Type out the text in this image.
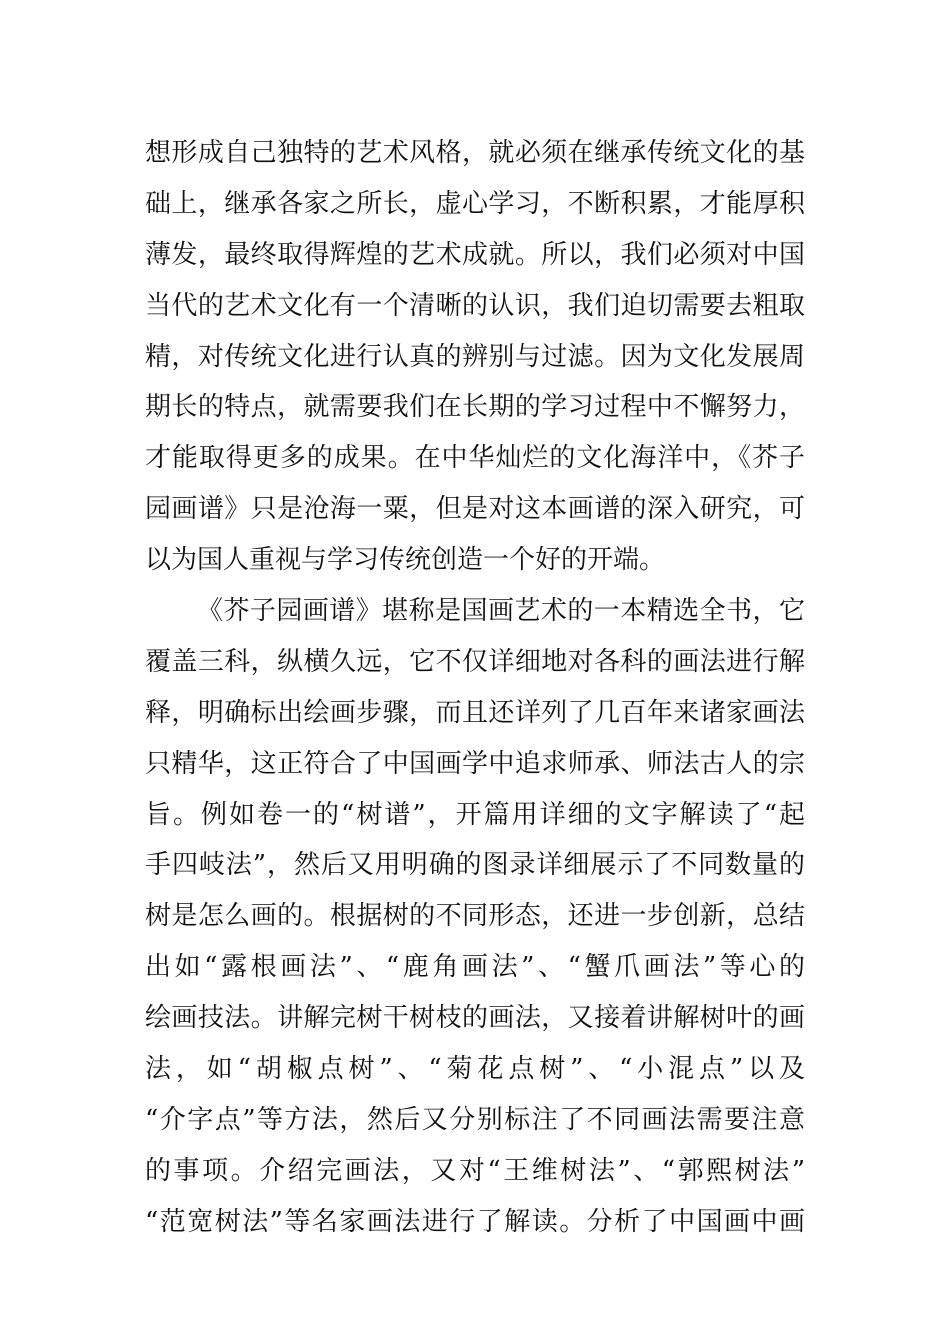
想形成自己独特的艺术风格，就必须在继承传统文化的基
础上，继承各家之所长，虚心学习，不断积累，才能厚积
薄发，最终取得辉煌的艺术成就。所以，我们必须对中国
当代的艺术文化有一个清晰的认识，我们迫切需要去粗取
精，对传统文化进行认真的辨别与过滤。因为文化发展周
期长的特点，就需要我们在长期的学习过程中不懈努力，
才能取得更多的成果。在中华灿烂的文化海洋中，《芥子
园画谱》只是沧海一粟，但是对这本画谱的深入研究，可
以为国人重视与学习传统创造一个好的开端。
《芥子园画谱》堪称是国画艺术的一本精选全书，它
覆盖三科，纵横久远，它不仅详细地对各科的画法进行解
释，明确标出绘画步骤，而且还详列了几百年来诸家画法
只精华，这正符合了中国画学中追求师承、师法古人的宗
旨。例如卷一的“树谱”，开篇用详细的文字解读了“起
手四岐法”，然后又用明确的图录详细展示了不同数量的
树是怎么画的。根据树的不同形态，还进一步创新，总结
出如“露根画法”、“鹿角画法”、“蟹爪画法”等心的
绘画技法。讲解完树干树枝的画法，又接着讲解树叶的画
法，如“胡椒点树”、“菊花点树”、“小混点”以及
“介字点”等方法，然后又分别标注了不同画法需要注意
的事项。介绍完画法，又对“王维树法”、“郭熙树法”
“范宽树法”等名家画法进行了解读。分析了中国画中画
